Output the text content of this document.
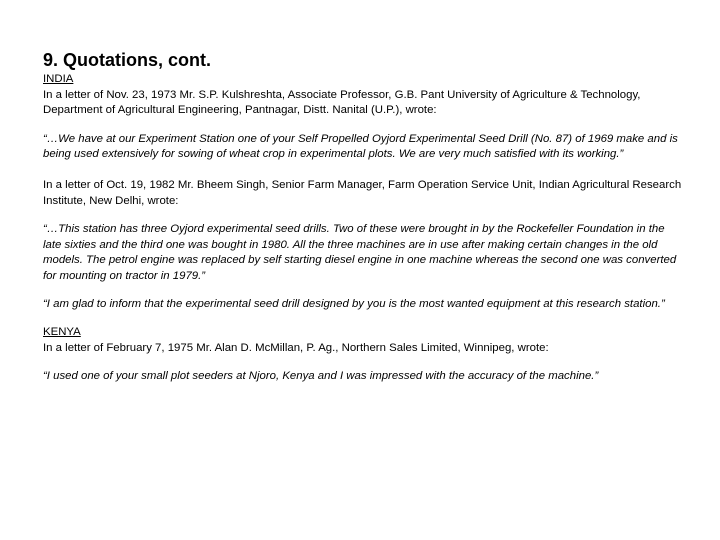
9. Quotations, cont.

INDIA

In a letter of Nov. 23, 1973 Mr. S.P. Kulshreshta, Associate Professor, G.B. Pant University of Agriculture & Technology, Department of Agricultural Engineering, Pantnagar, Distt. Nanital (U.P.), wrote:

“…We have at our Experiment Station one of your Self Propelled Oyjord Experimental Seed Drill (No. 87) of 1969 make and is being used extensively for sowing of wheat crop in experimental plots. We are very much satisfied with its working.”

In a letter of Oct. 19, 1982 Mr. Bheem Singh, Senior Farm Manager, Farm Operation Service Unit, Indian Agricultural Research Institute, New Delhi, wrote:

“…This station has three Oyjord experimental seed drills. Two of these were brought in by the Rockefeller Foundation in the late sixties and the third one was bought in 1980. All the three machines are in use after making certain changes in the old models. The petrol engine was replaced by self starting diesel engine in one machine whereas the second one was converted for mounting on tractor in 1979.”

“I am glad to inform that the experimental seed drill designed by you is the most wanted equipment at this research station.”

KENYA

In a letter of February 7, 1975 Mr. Alan D. McMillan, P. Ag., Northern Sales Limited, Winnipeg, wrote:

“I used one of your small plot seeders at Njoro, Kenya and I was impressed with the accuracy of the machine.”
